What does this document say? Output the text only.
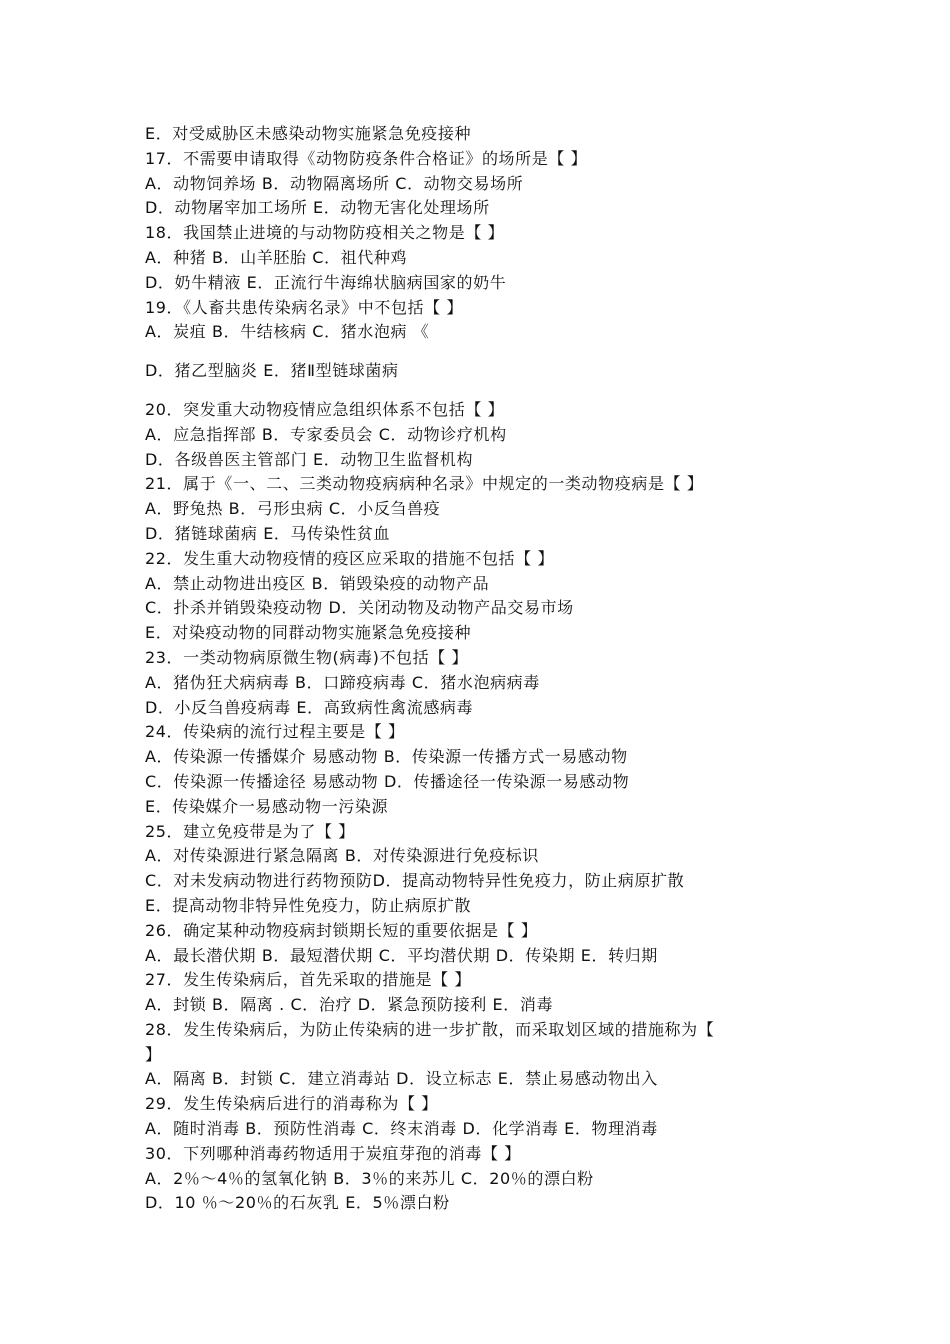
E．对受威胁区未感染动物实施紧急免疫接种
17．不需要申请取得《动物防疫条件合格证》的场所是【 】
A．动物饲养场 B．动物隔离场所 C．动物交易场所
D．动物屠宰加工场所 E．动物无害化处理场所
18．我国禁止进境的与动物防疫相关之物是【 】
A．种猪 B．山羊胚胎 C．祖代种鸡
D．奶牛精液 E．正流行牛海绵状脑病国家的奶牛
19．《人畜共患传染病名录》中不包括【 】
A．炭疽 B．牛结核病 C．猪水泡病 《
D．猪乙型脑炎 E．猪Ⅱ型链球菌病
20．突发重大动物疫情应急组织体系不包括【 】
A．应急指挥部 B．专家委员会 C．动物诊疗机构
D．各级兽医主管部门 E．动物卫生监督机构
21．属于《一、二、三类动物疫病病种名录》中规定的一类动物疫病是【 】
A．野兔热 B．弓形虫病 C．小反刍兽疫
D．猪链球菌病 E．马传染性贫血
22．发生重大动物疫情的疫区应采取的措施不包括【 】
A．禁止动物进出疫区 B．销毁染疫的动物产品
C．扑杀并销毁染疫动物 D．关闭动物及动物产品交易市场
E．对染疫动物的同群动物实施紧急免疫接种
23．一类动物病原微生物(病毒)不包括【 】
A．猪伪狂犬病病毒 B．口蹄疫病毒 C．猪水泡病病毒
D．小反刍兽疫病毒 E．高致病性禽流感病毒
24．传染病的流行过程主要是【 】
A．传染源一传播媒介 易感动物 B．传染源一传播方式一易感动物
C．传染源一传播途径 易感动物 D．传播途径一传染源一易感动物
E．传染媒介一易感动物一污染源
25．建立免疫带是为了【 】
A．对传染源进行紧急隔离 B．对传染源进行免疫标识
C．对未发病动物进行药物预防D．提高动物特异性免疫力，防止病原扩散
E．提高动物非特异性免疫力，防止病原扩散
26．确定某种动物疫病封锁期长短的重要依据是【 】
A．最长潜伏期 B．最短潜伏期 C．平均潜伏期 D．传染期 E．转归期
27．发生传染病后，首先采取的措施是【 】
A．封锁 B．隔离 . C．治疗 D．紧急预防接利 E．消毒
28．发生传染病后，为防止传染病的进一步扩散，而采取划区域的措施称为【
】
A．隔离 B．封锁 C．建立消毒站 D．设立标志 E．禁止易感动物出入
29．发生传染病后进行的消毒称为【 】
A．随时消毒 B．预防性消毒 C．终末消毒 D．化学消毒 E．物理消毒
30．下列哪种消毒药物适用于炭疽芽孢的消毒【 】
A．2％～4％的氢氧化钠 B．3％的来苏儿 C．20％的漂白粉
D．10 ％～20％的石灰乳 E．5％漂白粉
